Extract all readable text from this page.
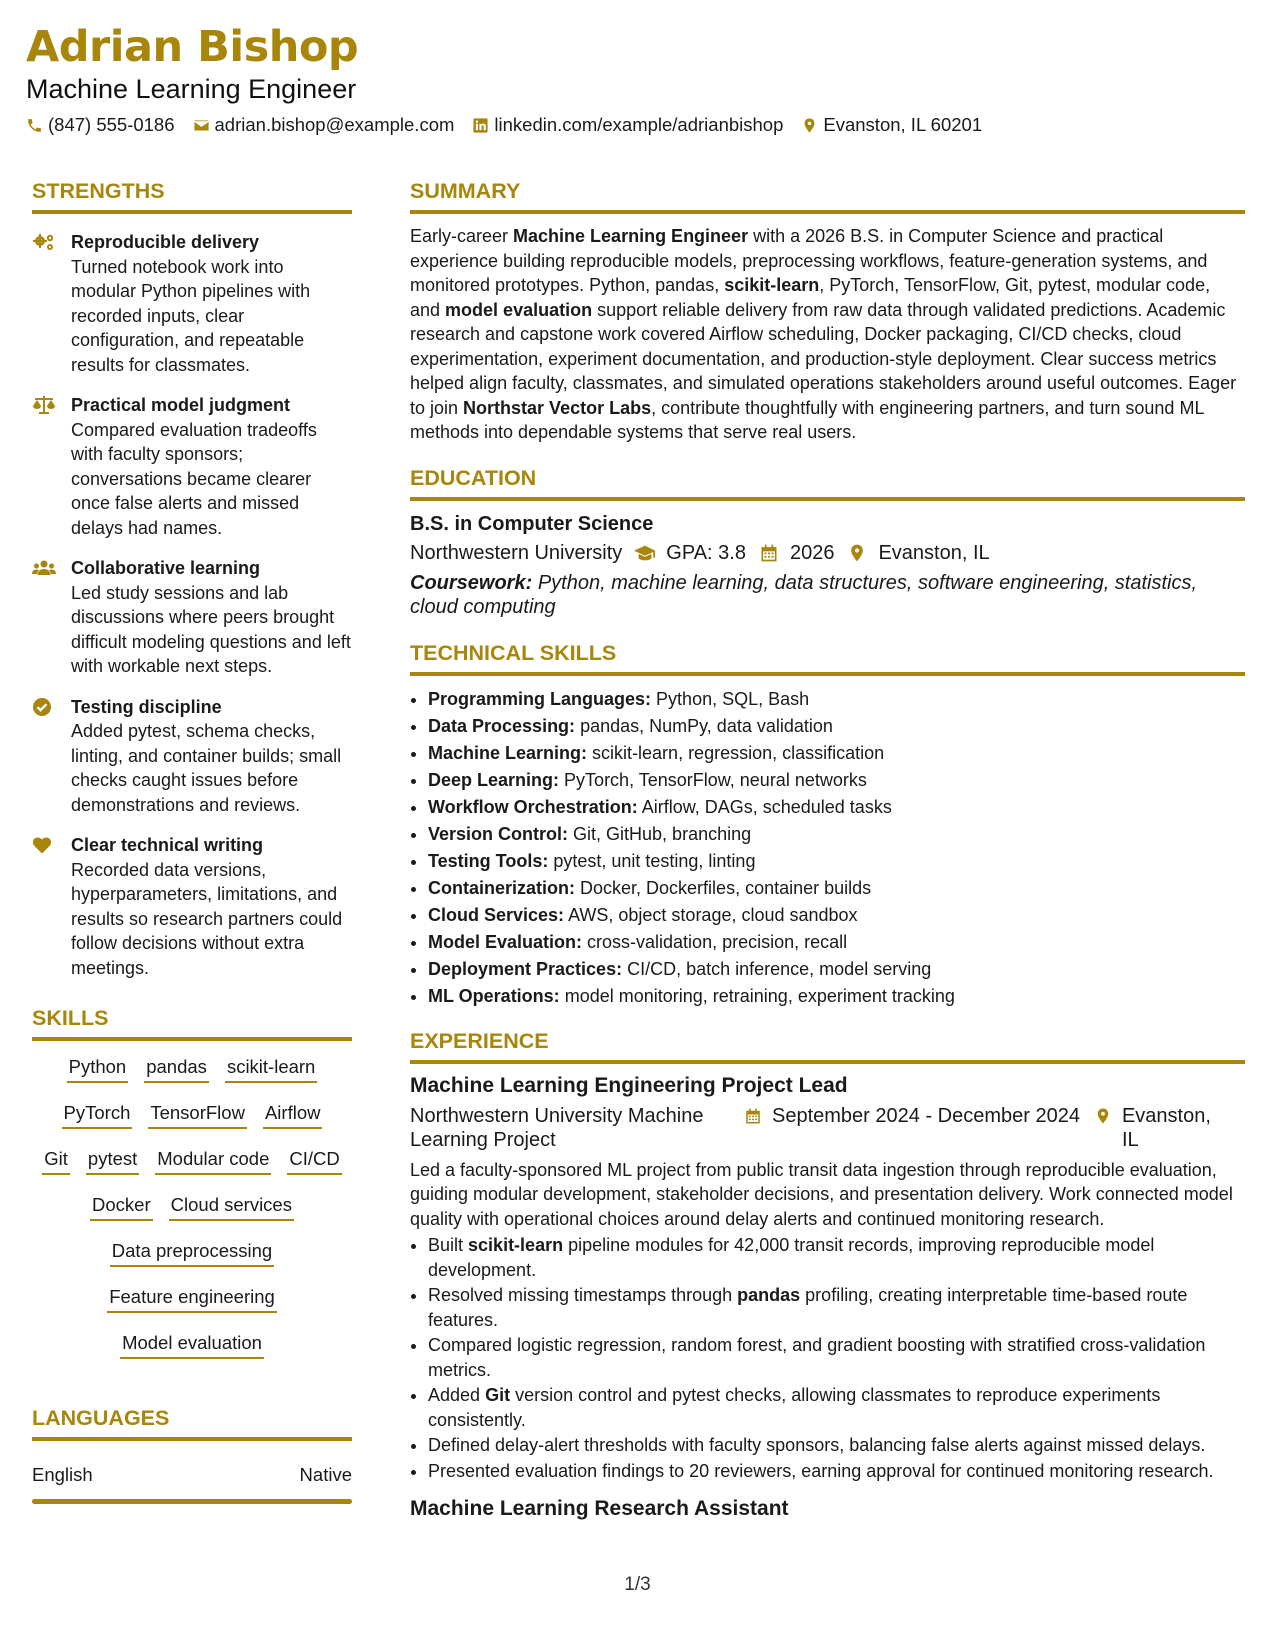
Adrian Bishop
Machine Learning Engineer
(847) 555-0186 adrian.bishop@example.com linkedin.com/example/adrianbishop Evanston, IL 60201
STRENGTHS
Reproducible delivery
Turned notebook work into modular Python pipelines with recorded inputs, clear configuration, and repeatable results for classmates.
Practical model judgment
Compared evaluation tradeoffs with faculty sponsors; conversations became clearer once false alerts and missed delays had names.
Collaborative learning
Led study sessions and lab discussions where peers brought difficult modeling questions and left with workable next steps.
Testing discipline
Added pytest, schema checks, linting, and container builds; small checks caught issues before demonstrations and reviews.
Clear technical writing
Recorded data versions, hyperparameters, limitations, and results so research partners could follow decisions without extra meetings.
SKILLS
Python pandas scikit-learn
PyTorch TensorFlow Airflow
Git pytest Modular code CI/CD
Docker Cloud services
Data preprocessing
Feature engineering
Model evaluation
LANGUAGES
English	Native
SUMMARY

Early-career Machine Learning Engineer with a 2026 B.S. in Computer Science and practical experience building reproducible models, preprocessing workflows, feature-generation systems, and monitored prototypes. Python, pandas, scikit-learn, PyTorch, TensorFlow, Git, pytest, modular code, and model evaluation support reliable delivery from raw data through validated predictions. Academic research and capstone work covered Airflow scheduling, Docker packaging, CI/CD checks, cloud experimentation, experiment documentation, and production-style deployment. Clear success metrics helped align faculty, classmates, and simulated operations stakeholders around useful outcomes. Eager to join Northstar Vector Labs, contribute thoughtfully with engineering partners, and turn sound ML methods into dependable systems that serve real users.

EDUCATION
B.S. in Computer Science
Northwestern University GPA: 3.8 2026 Evanston, IL
Coursework: Python, machine learning, data structures, software engineering, statistics, cloud computing
TECHNICAL SKILLS
• Programming Languages: Python, SQL, Bash
• Data Processing: pandas, NumPy, data validation
• Machine Learning: scikit-learn, regression, classification
• Deep Learning: PyTorch, TensorFlow, neural networks
• Workflow Orchestration: Airflow, DAGs, scheduled tasks
• Version Control: Git, GitHub, branching
• Testing Tools: pytest, unit testing, linting
• Containerization: Docker, Dockerfiles, container builds
• Cloud Services: AWS, object storage, cloud sandbox
• Model Evaluation: cross-validation, precision, recall
• Deployment Practices: CI/CD, batch inference, model serving
• ML Operations: model monitoring, retraining, experiment tracking
EXPERIENCE
Machine Learning Engineering Project Lead
Northwestern University Machine Learning Project
September 2024 - December 2024 Evanston, IL

Led a faculty-sponsored ML project from public transit data ingestion through reproducible evaluation, guiding modular development, stakeholder decisions, and presentation delivery. Work connected model quality with operational choices around delay alerts and continued monitoring research.

• Built scikit-learn pipeline modules for 42,000 transit records, improving reproducible model development.
• Resolved missing timestamps through pandas profiling, creating interpretable time-based route features.
• Compared logistic regression, random forest, and gradient boosting with stratified cross-validation metrics.
• Added Git version control and pytest checks, allowing classmates to reproduce experiments consistently.
• Defined delay-alert thresholds with faculty sponsors, balancing false alerts against missed delays.
• Presented evaluation findings to 20 reviewers, earning approval for continued monitoring research.
Machine Learning Research Assistant
1/3
